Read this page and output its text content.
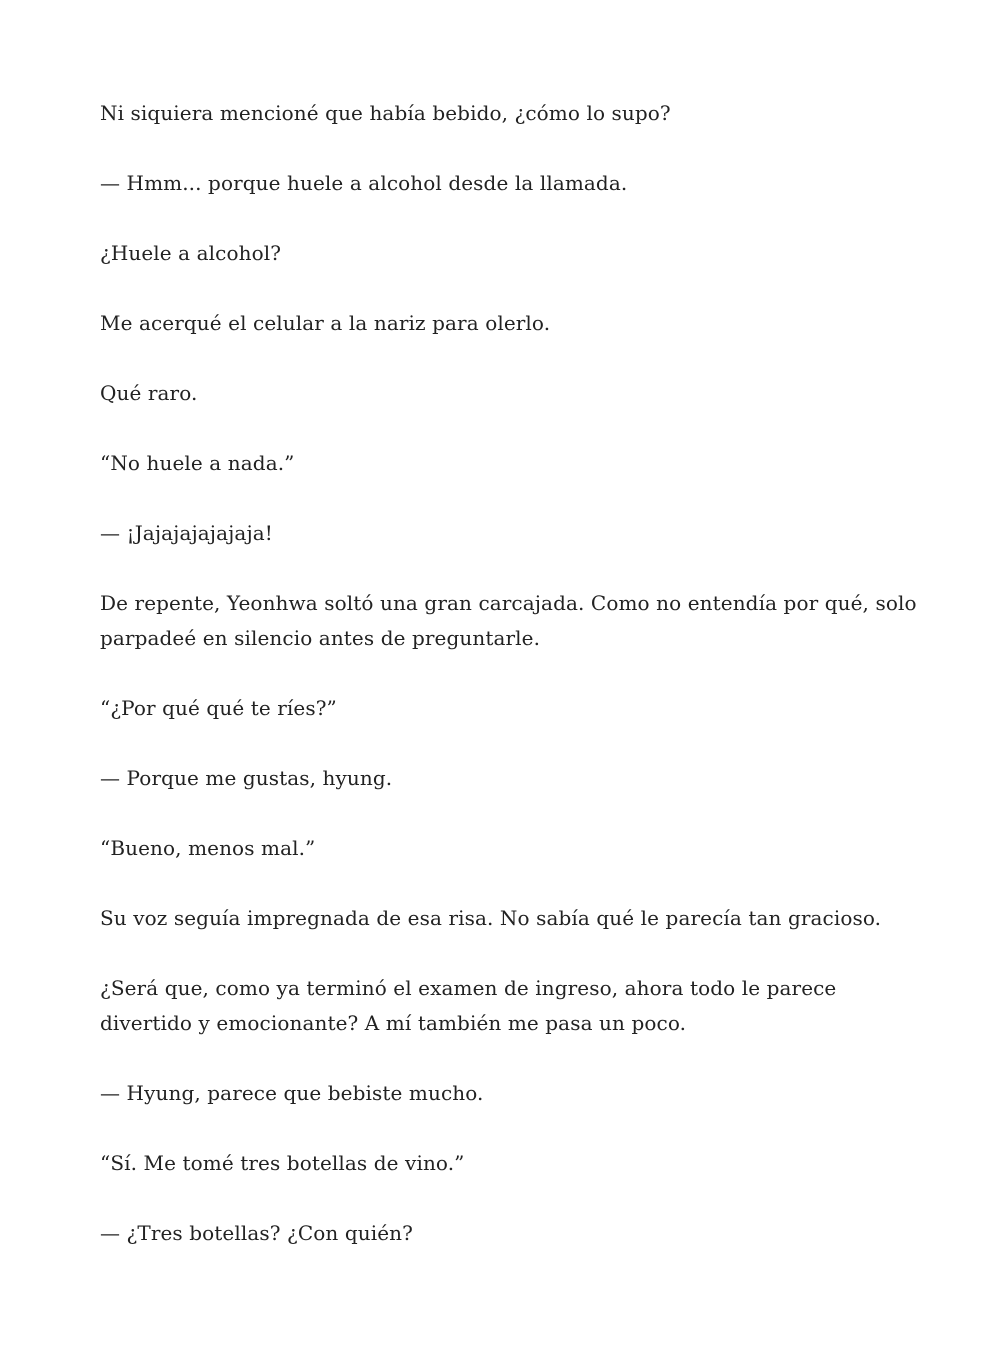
Ni siquiera mencioné que había bebido, ¿cómo lo supo?

— Hmm... porque huele a alcohol desde la llamada.

¿Huele a alcohol?

Me acerqué el celular a la nariz para olerlo.

Qué raro.

“No huele a nada.”

— ¡Jajajajajajaja!

De repente, Yeonhwa soltó una gran carcajada. Como no entendía por qué, solo parpadeé en silencio antes de preguntarle.

“¿Por qué qué te ríes?”

— Porque me gustas, hyung.

“Bueno, menos mal.”

Su voz seguía impregnada de esa risa. No sabía qué le parecía tan gracioso.

¿Será que, como ya terminó el examen de ingreso, ahora todo le parece divertido y emocionante? A mí también me pasa un poco.

— Hyung, parece que bebiste mucho.

“Sí. Me tomé tres botellas de vino.”

— ¿Tres botellas? ¿Con quién?
